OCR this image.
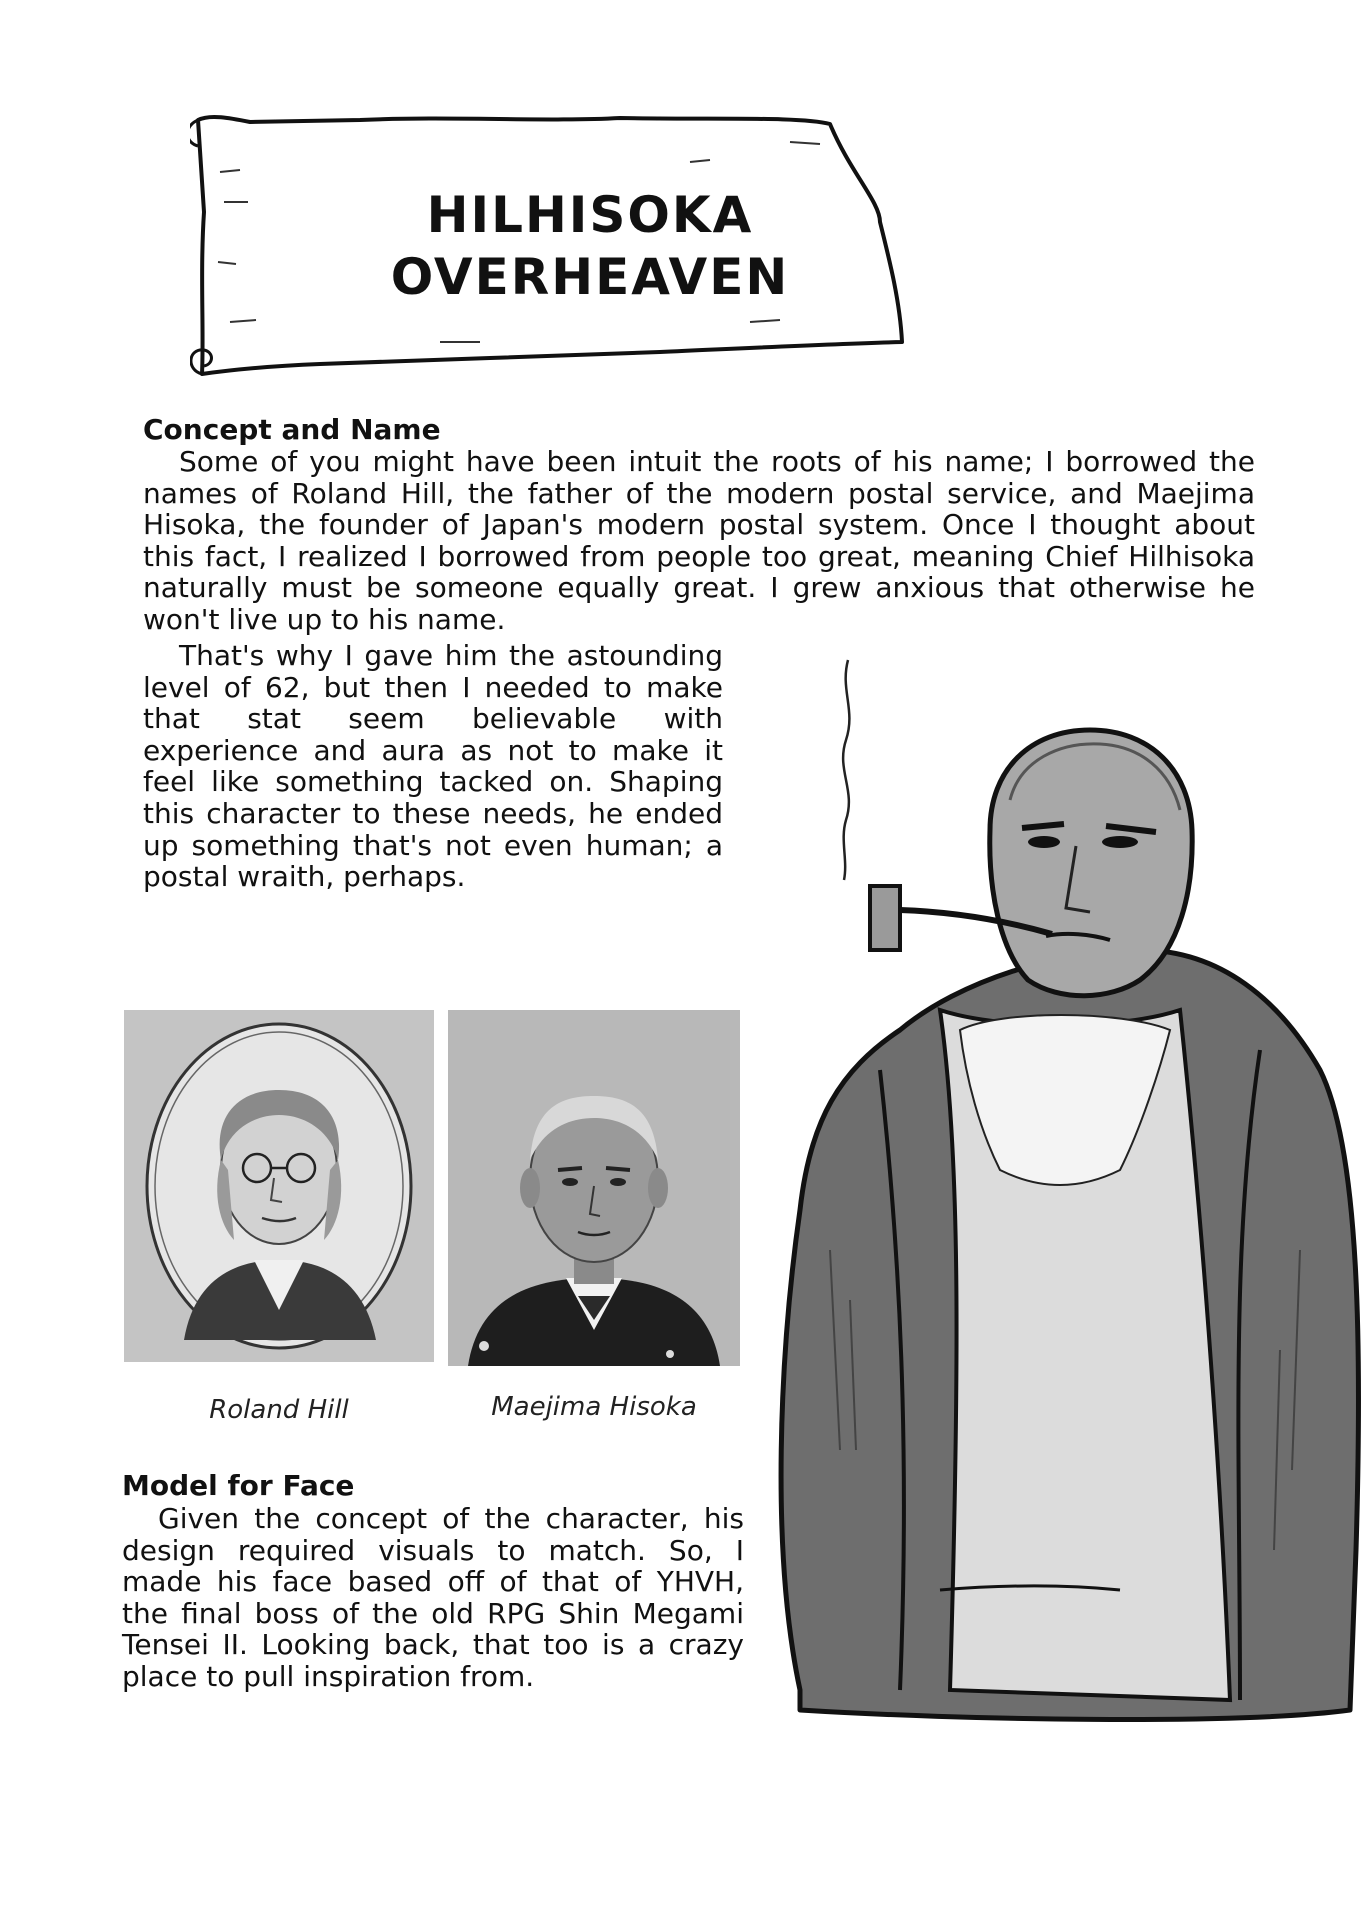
HILHISOKA
OVERHEAVEN
Concept and Name

Some of you might have been intuit the roots of his name; I borrowed the names of Roland Hill, the father of the modern postal service, and Maejima Hisoka, the founder of Japan's modern postal system. Once I thought about this fact, I realized I borrowed from people too great, meaning Chief Hilhisoka naturally must be someone equally great. I grew anxious that otherwise he won't live up to his name.

That's why I gave him the astounding level of 62, but then I needed to make that stat seem believable with experience and aura as not to make it feel like something tacked on. Shaping this character to these needs, he ended up something that's not even human; a postal wraith, perhaps.

Roland Hill	Maejima Hisoka
Model for Face

Given the concept of the character, his design required visuals to match. So, I made his face based off of that of YHVH, the final boss of the old RPG Shin Megami Tensei II. Looking back, that too is a crazy place to pull inspiration from.
